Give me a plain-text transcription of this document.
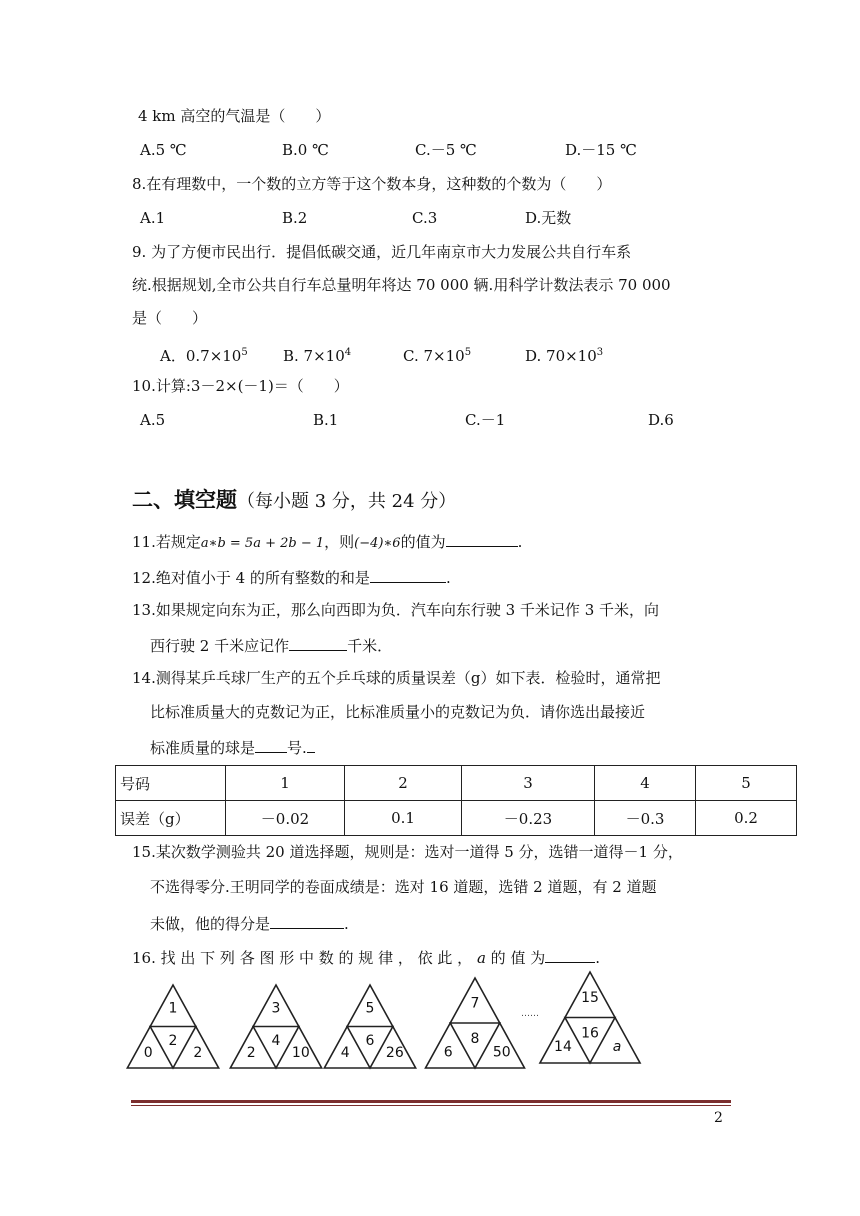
4 km 高空的气温是（　　）
A.5 ℃	B.0 ℃	C.－5 ℃	D.－15 ℃
8.在有理数中，一个数的立方等于这个数本身，这种数的个数为（　　）
A.1	B.2	C.3	D.无数
9. 为了方便市民出行．提倡低碳交通，近几年南京市大力发展公共自行车系
统.根据规划,全市公共自行车总量明年将达 70 000 辆.用科学计数法表示 70 000
是（　　）
A．$0.7\times 10^5$ B. $7\times 10^4$	C. $7\times 10^5$	D. $70\times 10^3$
10.计算:3－2×(－1)＝（　　）
A.5	B.1	C.－1	D.6
二、填空题（每小题 3 分，共 24 分）
11.若规定a∗b = 5a + 2b − 1，则(−4)∗6的值为	.
12.绝对值小于 4 的所有整数的和是	.
13.如果规定向东为正，那么向西即为负．汽车向东行驶 3 千米记作 3 千米，向
西行驶 2 千米应记作	千米．
14.测得某乒乓球厂生产的五个乒乓球的质量误差（g）如下表．检验时，通常把
比标准质量大的克数记为正，比标准质量小的克数记为负．请你选出最接近
标准质量的球是 号.
号码	1	2	3	4	5
误差（g）	－0.02	0.1	－0.23	－0.3	0.2
15.某次数学测验共 20 道选择题，规则是：选对一道得 5 分，选错一道得－1 分，
不选得零分.王明同学的卷面成绩是：选对 16 道题，选错 2 道题，有 2 道题
未做，他的得分是	.
16. 找 出 下 列 各 图 形 中 数 的 规 律 ， 依 此 ， a 的 值 为	.
1
2
0	2
3
4
2	10
5
6
4	26
7
8
6	50
15
16
14	a
……
2
